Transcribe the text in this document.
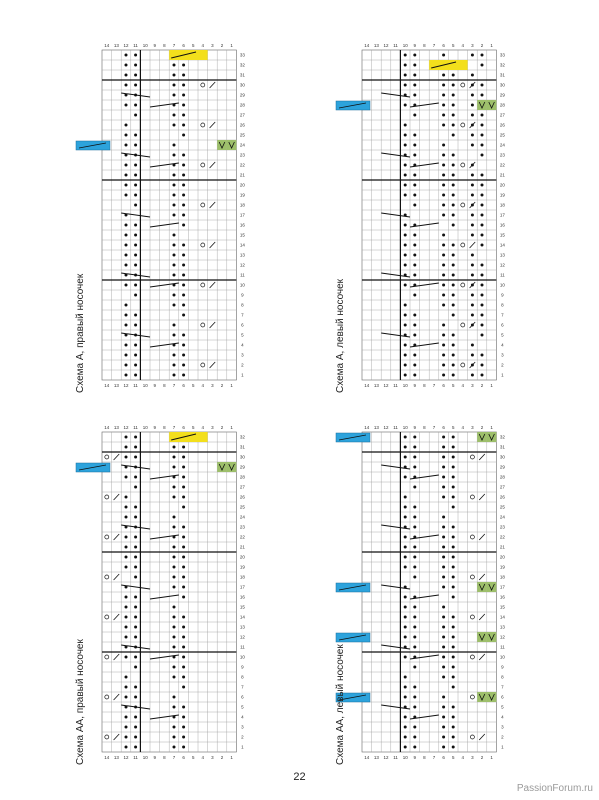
14
14
13
13
12
12
11
11
10
10
9
9
8
8
7
7
6
6
5
5
4
4
3
3
2
2
1
1
1
2
3
4
5
6
7
8
9
10
11
12
13
14
15
16
17
18
19
20
21
22
23
24
25
26
27
28
29
30
31
32
33
Схема А, правый носочек
14
14
13
13
12
12
11
11
10
10
9
9
8
8
7
7
6
6
5
5
4
4
3
3
2
2
1
1
1
2
3
4
5
6
7
8
9
10
11
12
13
14
15
16
17
18
19
20
21
22
23
24
25
26
27
28
29
30
31
32
33
Схема А, левый носочек
14
14
13
13
12
12
11
11
10
10
9
9
8
8
7
7
6
6
5
5
4
4
3
3
2
2
1
1
1
2
3
4
5
6
7
8
9
10
11
12
13
14
15
16
17
18
19
20
21
22
23
24
25
26
27
28
29
30
31
32
Схема АА, правый носочек
14
14
13
13
12
12
11
11
10
10
9
9
8
8
7
7
6
6
5
5
4
4
3
3
2
2
1
1
1
2
3
4
5
6
7
8
9
10
11
12
13
14
15
16
17
18
19
20
21
22
23
24
25
26
27
28
29
30
31
32
Схема АА, левый носочек
22
PassionForum.ru
